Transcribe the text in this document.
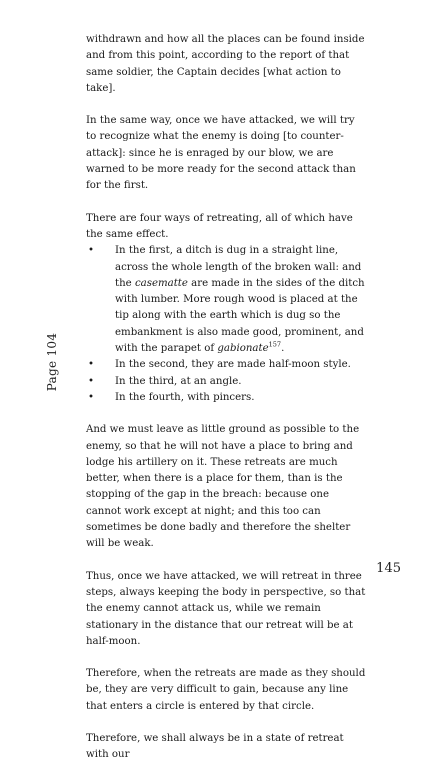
Page 104

withdrawn and how all the places can be found inside and from this point, according to the report of that same soldier, the Captain decides [what action to take].

In the same way, once we have attacked, we will try to recognize what the enemy is doing [to counter-attack]: since he is enraged by our blow, we are warned to be more ready for the second attack than for the first.

There are four ways of retreating, all of which have the same effect.

• In the first, a ditch is dug in a straight line, across the whole length of the broken wall: and the casematte are made in the sides of the ditch with lumber. More rough wood is placed at the tip along with the earth which is dug so the embankment is also made good, prominent, and with the parapet of gabionate$^{157}$.
• In the second, they are made half-moon style.
• In the third, at an angle.
• In the fourth, with pincers.

And we must leave as little ground as possible to the enemy, so that he will not have a place to bring and lodge his artillery on it. These retreats are much better, when there is a place for them, than is the stopping of the gap in the breach: because one cannot work except at night; and this too can sometimes be done badly and therefore the shelter will be weak.

Thus, once we have attacked, we will retreat in three steps, always keeping the body in perspective, so that the enemy cannot attack us, while we remain stationary in the distance that our retreat will be at half-moon.

Therefore, when the retreats are made as they should be, they are very difficult to gain, because any line that enters a circle is entered by that circle.

Therefore, we shall always be in a state of retreat with our

145
